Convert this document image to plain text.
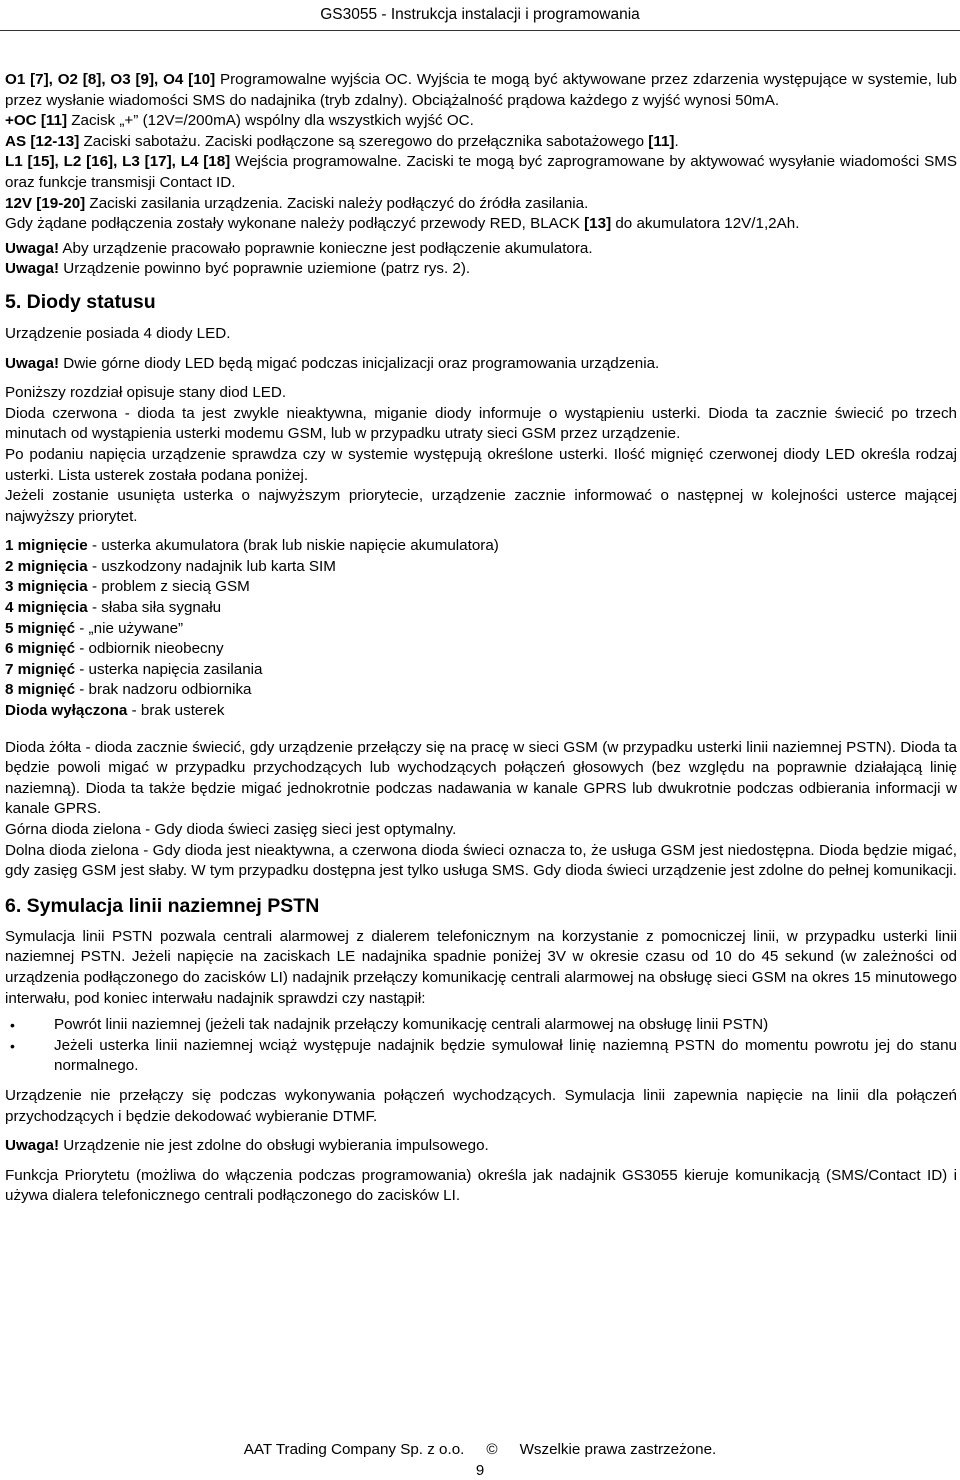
GS3055 - Instrukcja instalacji i programowania

O1 [7], O2 [8], O3 [9], O4 [10] Programowalne wyjścia OC. Wyjścia te mogą być aktywowane przez zdarzenia występujące w systemie, lub przez wysłanie wiadomości SMS do nadajnika (tryb zdalny). Obciążalność prądowa każdego z wyjść wynosi 50mA.

+OC [11] Zacisk „+” (12V=/200mA) wspólny dla wszystkich wyjść OC.

AS [12-13] Zaciski sabotażu. Zaciski podłączone są szeregowo do przełącznika sabotażowego [11].

L1 [15], L2 [16], L3 [17], L4 [18] Wejścia programowalne. Zaciski te mogą być zaprogramowane by aktywować wysyłanie wiadomości SMS oraz funkcje transmisji Contact ID.

12V [19-20] Zaciski zasilania urządzenia. Zaciski należy podłączyć do źródła zasilania.

Gdy żądane podłączenia zostały wykonane należy podłączyć przewody RED, BLACK [13] do akumulatora 12V/1,2Ah.

Uwaga! Aby urządzenie pracowało poprawnie konieczne jest podłączenie akumulatora.

Uwaga! Urządzenie powinno być poprawnie uziemione (patrz rys. 2).

5. Diody statusu

Urządzenie posiada 4 diody LED.

Uwaga! Dwie górne diody LED będą migać podczas inicjalizacji oraz programowania urządzenia.

Poniższy rozdział opisuje stany diod LED.

Dioda czerwona - dioda ta jest zwykle nieaktywna, miganie diody informuje o wystąpieniu usterki. Dioda ta zacznie świecić po trzech minutach od wystąpienia usterki modemu GSM, lub w przypadku utraty sieci GSM przez urządzenie.

Po podaniu napięcia urządzenie sprawdza czy w systemie występują określone usterki. Ilość mignięć czerwonej diody LED określa rodzaj usterki. Lista usterek została podana poniżej.

Jeżeli zostanie usunięta usterka o najwyższym priorytecie, urządzenie zacznie informować o następnej w kolejności usterce mającej najwyższy priorytet.

1 mignięcie - usterka akumulatora (brak lub niskie napięcie akumulatora)

2 mignięcia - uszkodzony nadajnik lub karta SIM

3 mignięcia - problem z siecią GSM

4 mignięcia - słaba siła sygnału

5 mignięć - „nie używane”

6 mignięć - odbiornik nieobecny

7 mignięć - usterka napięcia zasilania

8 mignięć - brak nadzoru odbiornika

Dioda wyłączona - brak usterek

Dioda żółta - dioda zacznie świecić, gdy urządzenie przełączy się na pracę w sieci GSM (w przypadku usterki linii naziemnej PSTN). Dioda ta będzie powoli migać w przypadku przychodzących lub wychodzących połączeń głosowych (bez względu na poprawnie działającą linię naziemną). Dioda ta także będzie migać jednokrotnie podczas nadawania w kanale GPRS lub dwukrotnie podczas odbierania informacji w kanale GPRS.

Górna dioda zielona - Gdy dioda świeci zasięg sieci jest optymalny.

Dolna dioda zielona - Gdy dioda jest nieaktywna, a czerwona dioda świeci oznacza to, że usługa GSM jest niedostępna. Dioda będzie migać, gdy zasięg GSM jest słaby. W tym przypadku dostępna jest tylko usługa SMS. Gdy dioda świeci urządzenie jest zdolne do pełnej komunikacji.

6. Symulacja linii naziemnej PSTN

Symulacja linii PSTN pozwala centrali alarmowej z dialerem telefonicznym na korzystanie z pomocniczej linii, w przypadku usterki linii naziemnej PSTN. Jeżeli napięcie na zaciskach LE nadajnika spadnie poniżej 3V w okresie czasu od 10 do 45 sekund (w zależności od urządzenia podłączonego do zacisków LI) nadajnik przełączy komunikację centrali alarmowej na obsługę sieci GSM na okres 15 minutowego interwału, pod koniec interwału nadajnik sprawdzi czy nastąpił:

•	Powrót linii naziemnej (jeżeli tak nadajnik przełączy komunikację centrali alarmowej na obsługę linii PSTN)
•	Jeżeli usterka linii naziemnej wciąż występuje nadajnik będzie symulował linię naziemną PSTN do momentu powrotu jej do stanu normalnego.

Urządzenie nie przełączy się podczas wykonywania połączeń wychodzących. Symulacja linii zapewnia napięcie na linii dla połączeń przychodzących i będzie dekodować wybieranie DTMF.

Uwaga! Urządzenie nie jest zdolne do obsługi wybierania impulsowego.

Funkcja Priorytetu (możliwa do włączenia podczas programowania) określa jak nadajnik GS3055 kieruje komunikacją (SMS/Contact ID) i używa dialera telefonicznego centrali podłączonego do zacisków LI.

AAT Trading Company Sp. z o.o. © Wszelkie prawa zastrzeżone.
9
